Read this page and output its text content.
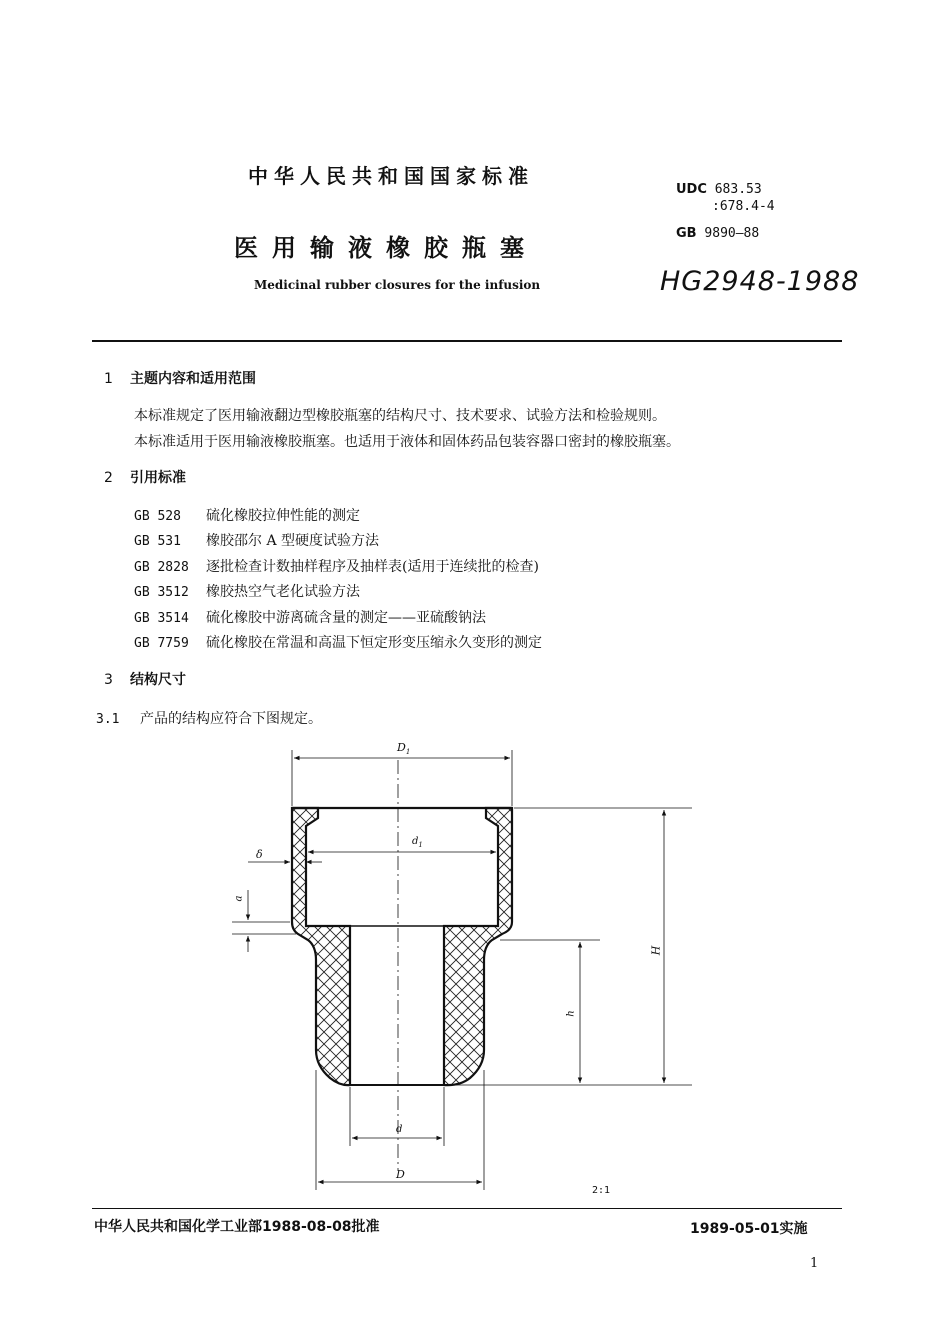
中华人民共和国国家标准
医用输液橡胶瓶塞
Medicinal rubber closures for the infusion
UDC 683.53
:678.4-4
GB 9890—88
HG2948-1988
1 主题内容和适用范围
本标准规定了医用输液翻边型橡胶瓶塞的结构尺寸、技术要求、试验方法和检验规则。
本标准适用于医用输液橡胶瓶塞。也适用于液体和固体药品包装容器口密封的橡胶瓶塞。
2 引用标准
GB 528 硫化橡胶拉伸性能的测定
GB 531 橡胶邵尔 A 型硬度试验方法
GB 2828 逐批检查计数抽样程序及抽样表(适用于连续批的检查)
GB 3512 橡胶热空气老化试验方法
GB 3514 硫化橡胶中游离硫含量的测定——亚硫酸钠法
GB 7759 硫化橡胶在常温和高温下恒定形变压缩永久变形的测定
3 结构尺寸
3.1 产品的结构应符合下图规定。
$D_1$
$d_1$
δ
a
H
h
d
D
2:1
中华人民共和国化学工业部1988-08-08批准	1989-05-01实施
1
